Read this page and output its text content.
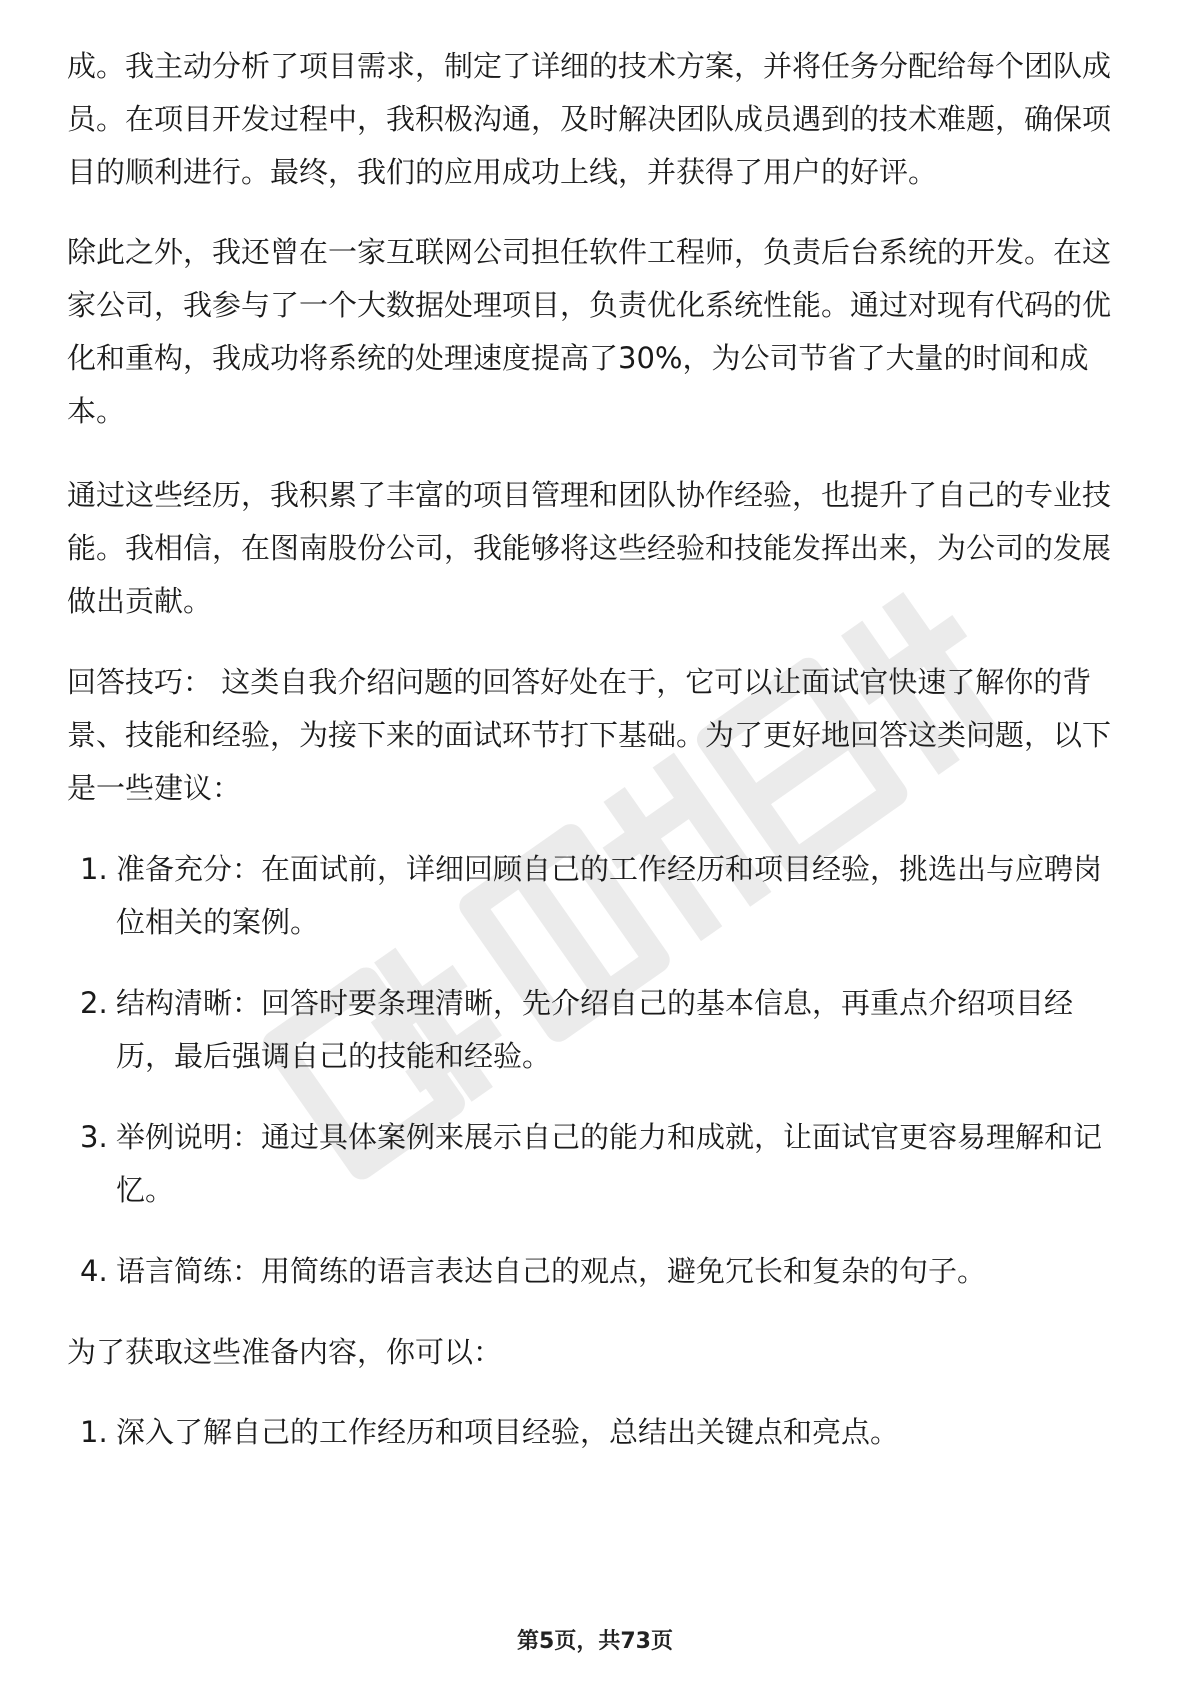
成。我主动分析了项目需求，制定了详细的技术方案，并将任务分配给每个团队成
员。在项目开发过程中，我积极沟通，及时解决团队成员遇到的技术难题，确保项
目的顺利进行。最终，我们的应用成功上线，并获得了用户的好评。
除此之外，我还曾在一家互联网公司担任软件工程师，负责后台系统的开发。在这
家公司，我参与了一个大数据处理项目，负责优化系统性能。通过对现有代码的优
化和重构，我成功将系统的处理速度提高了30%，为公司节省了大量的时间和成
本。
通过这些经历，我积累了丰富的项目管理和团队协作经验，也提升了自己的专业技
能。我相信，在图南股份公司，我能够将这些经验和技能发挥出来，为公司的发展
做出贡献。
回答技巧： 这类自我介绍问题的回答好处在于，它可以让面试官快速了解你的背
景、技能和经验，为接下来的面试环节打下基础。为了更好地回答这类问题，以下
是一些建议：
1. 准备充分：在面试前，详细回顾自己的工作经历和项目经验，挑选出与应聘岗
位相关的案例。
2. 结构清晰：回答时要条理清晰，先介绍自己的基本信息，再重点介绍项目经
历，最后强调自己的技能和经验。
3. 举例说明：通过具体案例来展示自己的能力和成就，让面试官更容易理解和记
忆。
4. 语言简练：用简练的语言表达自己的观点，避免冗长和复杂的句子。
为了获取这些准备内容，你可以：
1. 深入了解自己的工作经历和项目经验，总结出关键点和亮点。
第5页，共73页
